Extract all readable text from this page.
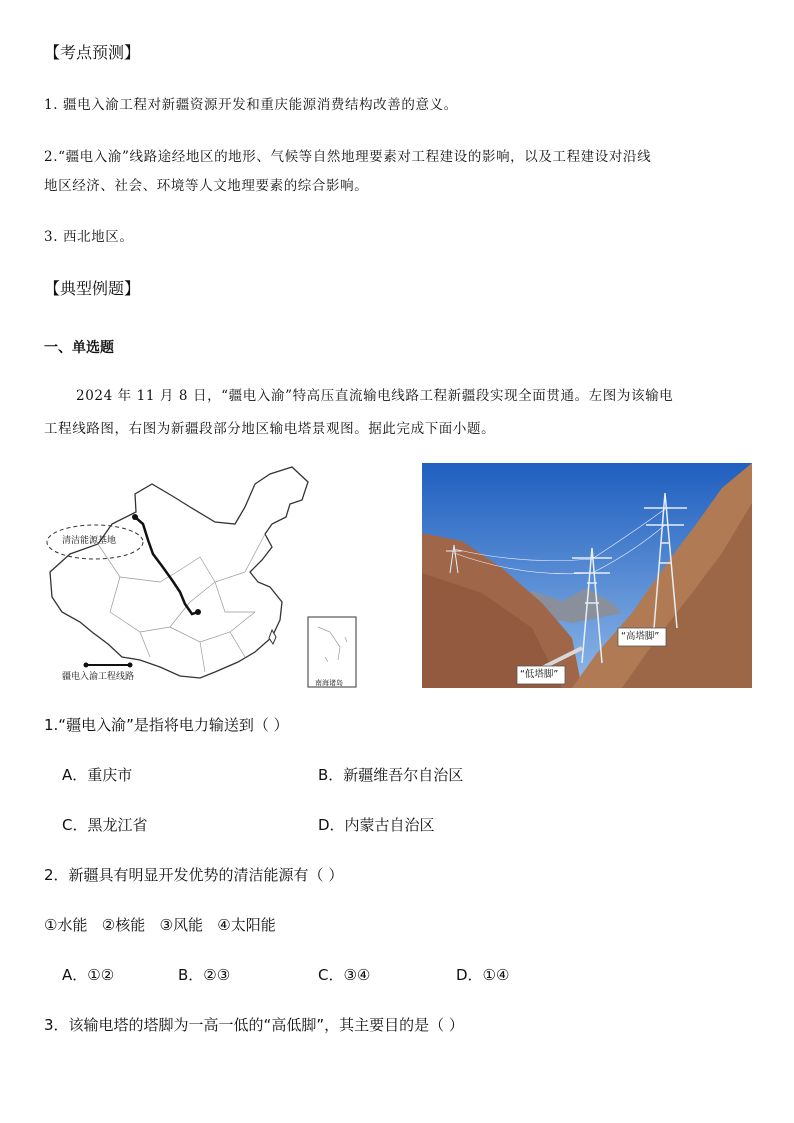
【考点预测】
1. 疆电入渝工程对新疆资源开发和重庆能源消费结构改善的意义。
2.“疆电入渝”线路途经地区的地形、气候等自然地理要素对工程建设的影响，以及工程建设对沿线
地区经济、社会、环境等人文地理要素的综合影响。
3. 西北地区。
【典型例题】
一、单选题
2024 年 11 月 8 日，“疆电入渝”特高压直流输电线路工程新疆段实现全面贯通。左图为该输电
工程线路图，右图为新疆段部分地区输电塔景观图。据此完成下面小题。
清洁能源基地
疆电入渝工程线路
南海诸岛
“高塔脚”
“低塔脚”
1.“疆电入渝”是指将电力输送到（ ）
A．重庆市	B．新疆维吾尔自治区
C．黑龙江省	D．内蒙古自治区
2．新疆具有明显开发优势的清洁能源有（ ）
①水能   ②核能   ③风能   ④太阳能
A．①②	B．②③	C．③④	D．①④
3．该输电塔的塔脚为一高一低的“高低脚”，其主要目的是（ ）
